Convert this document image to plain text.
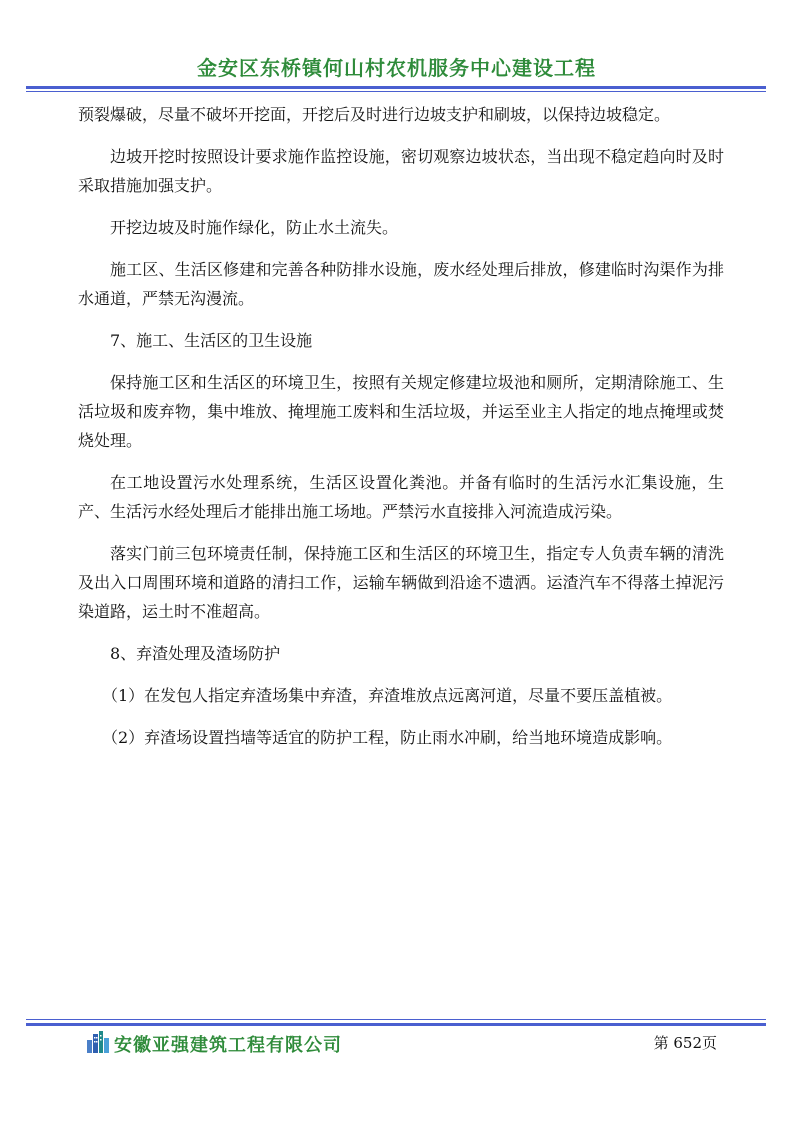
金安区东桥镇何山村农机服务中心建设工程

预裂爆破，尽量不破坏开挖面，开挖后及时进行边坡支护和刷坡，以保持边坡稳定。

边坡开挖时按照设计要求施作监控设施，密切观察边坡状态，当出现不稳定趋向时及时采取措施加强支护。

开挖边坡及时施作绿化，防止水土流失。

施工区、生活区修建和完善各种防排水设施，废水经处理后排放，修建临时沟渠作为排水通道，严禁无沟漫流。

7、施工、生活区的卫生设施

保持施工区和生活区的环境卫生，按照有关规定修建垃圾池和厕所，定期清除施工、生活垃圾和废弃物，集中堆放、掩埋施工废料和生活垃圾，并运至业主人指定的地点掩埋或焚烧处理。

在工地设置污水处理系统，生活区设置化粪池。并备有临时的生活污水汇集设施，生产、生活污水经处理后才能排出施工场地。严禁污水直接排入河流造成污染。

落实门前三包环境责任制，保持施工区和生活区的环境卫生，指定专人负责车辆的清洗及出入口周围环境和道路的清扫工作，运输车辆做到沿途不遗洒。运渣汽车不得落土掉泥污染道路，运土时不准超高。

8、弃渣处理及渣场防护

（1）在发包人指定弃渣场集中弃渣，弃渣堆放点远离河道，尽量不要压盖植被。

（2）弃渣场设置挡墙等适宜的防护工程，防止雨水冲刷，给当地环境造成影响。

安徽亚强建筑工程有限公司	第 652页
